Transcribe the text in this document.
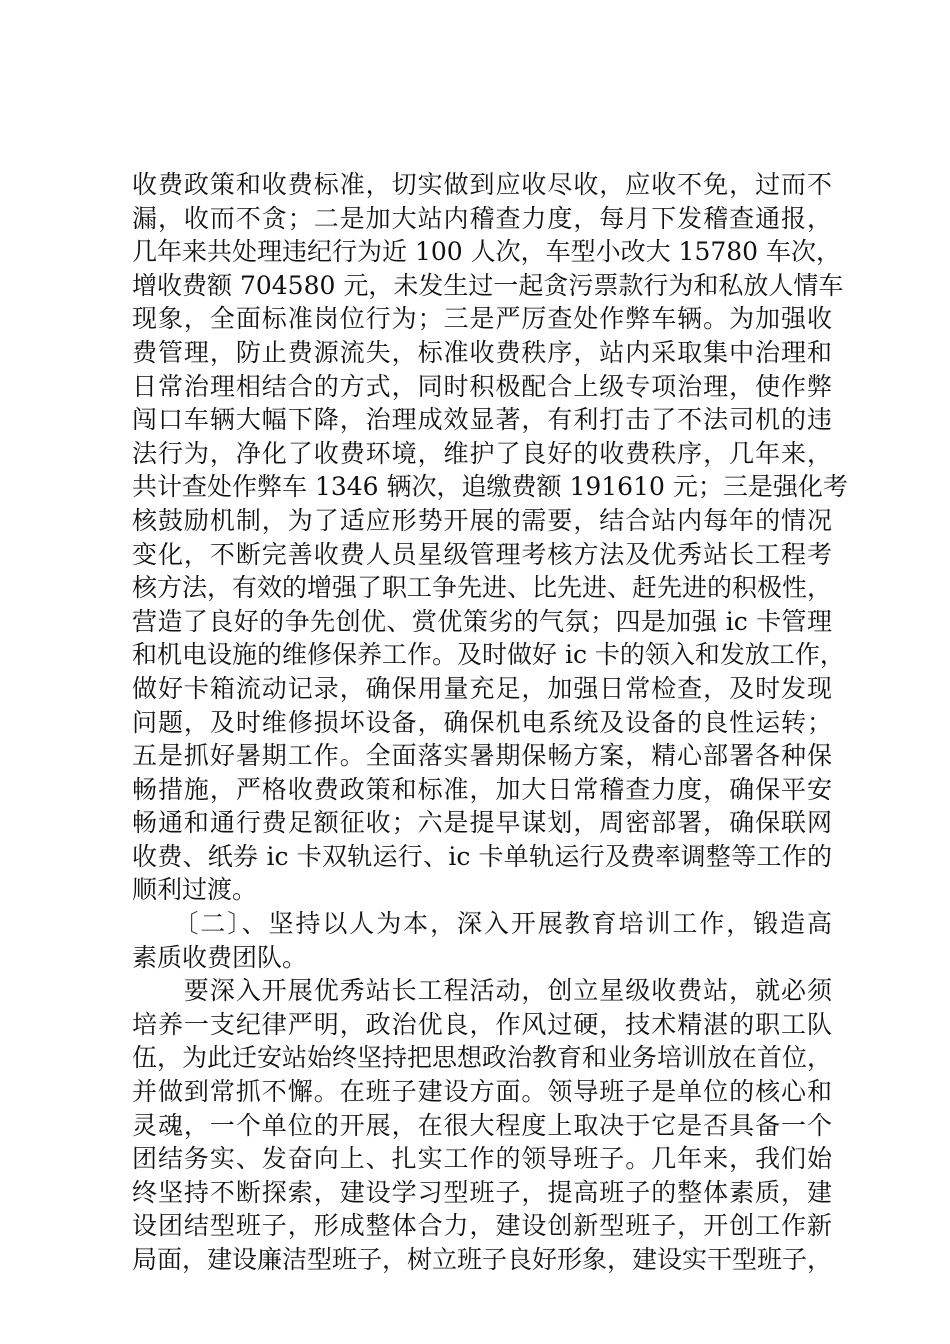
收费政策和收费标准，切实做到应收尽收，应收不免，过而不
漏，收而不贪；二是加大站内稽查力度，每月下发稽查通报，
几年来共处理违纪行为近 100 人次，车型小改大 15780 车次，
增收费额 704580 元，未发生过一起贪污票款行为和私放人情车
现象，全面标准岗位行为；三是严厉查处作弊车辆。为加强收
费管理，防止费源流失，标准收费秩序，站内采取集中治理和
日常治理相结合的方式，同时积极配合上级专项治理，使作弊
闯口车辆大幅下降，治理成效显著，有利打击了不法司机的违
法行为，净化了收费环境，维护了良好的收费秩序，几年来，
共计查处作弊车 1346 辆次，追缴费额 191610 元；三是强化考
核鼓励机制，为了适应形势开展的需要，结合站内每年的情况
变化，不断完善收费人员星级管理考核方法及优秀站长工程考
核方法，有效的增强了职工争先进、比先进、赶先进的积极性，
营造了良好的争先创优、赏优策劣的气氛；四是加强 ic 卡管理
和机电设施的维修保养工作。及时做好 ic 卡的领入和发放工作，
做好卡箱流动记录，确保用量充足，加强日常检查，及时发现
问题，及时维修损坏设备，确保机电系统及设备的良性运转；
五是抓好暑期工作。全面落实暑期保畅方案，精心部署各种保
畅措施，严格收费政策和标准，加大日常稽查力度，确保平安
畅通和通行费足额征收；六是提早谋划，周密部署，确保联网
收费、纸券 ic 卡双轨运行、ic 卡单轨运行及费率调整等工作的
顺利过渡。
　　〔二〕、坚持以人为本，深入开展教育培训工作，锻造高
素质收费团队。
　　要深入开展优秀站长工程活动，创立星级收费站，就必须
培养一支纪律严明，政治优良，作风过硬，技术精湛的职工队
伍，为此迁安站始终坚持把思想政治教育和业务培训放在首位，
并做到常抓不懈。在班子建设方面。领导班子是单位的核心和
灵魂，一个单位的开展，在很大程度上取决于它是否具备一个
团结务实、发奋向上、扎实工作的领导班子。几年来，我们始
终坚持不断探索，建设学习型班子，提高班子的整体素质，建
设团结型班子，形成整体合力，建设创新型班子，开创工作新
局面，建设廉洁型班子，树立班子良好形象，建设实干型班子，
